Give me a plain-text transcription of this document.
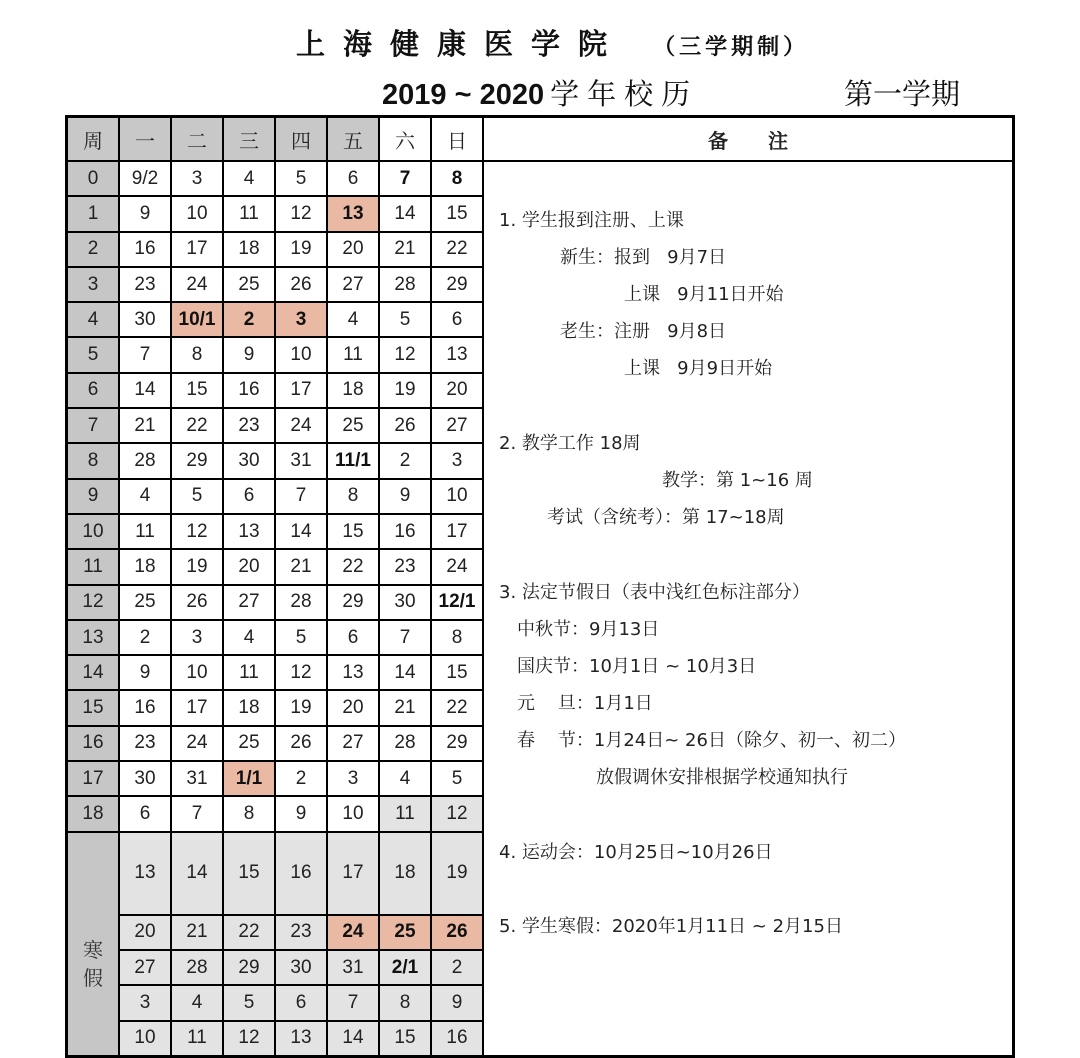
上海健康医学院 （三学期制）
2019 ~ 2020 学年校历	第一学期
周	一	二	三	四	五	六	日	备注
0	9/2	3	4	5	6	7	8	
1. 学生报到注册、上课
新生：报到   9月7日
上课   9月11日开始
老生：注册   9月8日
上课   9月9日开始
2. 教学工作 18周
教学：第 1~16 周
考试（含统考）：第 17~18周
3. 法定节假日（表中浅红色标注部分）
中秋节：9月13日
国庆节：10月1日 ~ 10月3日
元    旦：1月1日
春    节：1月24日~ 26日（除夕、初一、初二）
放假调休安排根据学校通知执行
4. 运动会：10月25日~10月26日
5. 学生寒假：2020年1月11日 ~ 2月15日

1	9	10	11	12	13	14	15	
2	16	17	18	19	20	21	22	
3	23	24	25	26	27	28	29	
4	30	10/1	2	3	4	5	6	
5	7	8	9	10	11	12	13	
6	14	15	16	17	18	19	20	
7	21	22	23	24	25	26	27	
8	28	29	30	31	11/1	2	3	
9	4	5	6	7	8	9	10	
10	11	12	13	14	15	16	17	
11	18	19	20	21	22	23	24	
12	25	26	27	28	29	30	12/1	
13	2	3	4	5	6	7	8	
14	9	10	11	12	13	14	15	
15	16	17	18	19	20	21	22	
16	23	24	25	26	27	28	29	
17	30	31	1/1	2	3	4	5	
18	6	7	8	9	10	11	12	
寒假	13	14	15	16	17	18	19	
	20	21	22	23	24	25	26	
	27	28	29	30	31	2/1	2	
	3	4	5	6	7	8	9	
	10	11	12	13	14	15	16	
